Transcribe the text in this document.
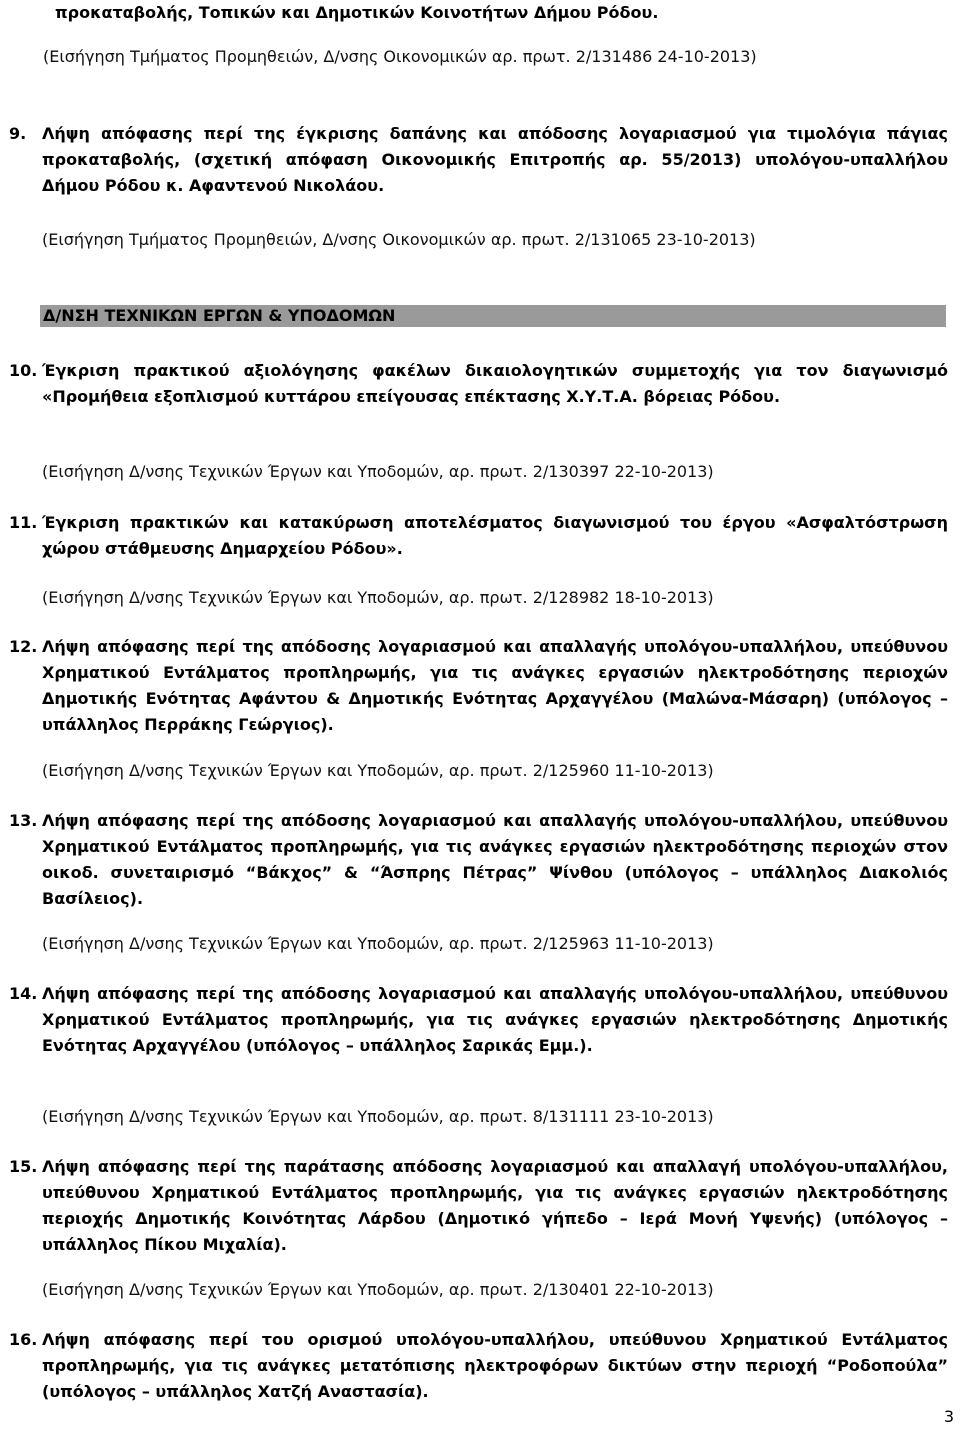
προκαταβολής, Τοπικών και Δημοτικών Κοινοτήτων Δήμου Ρόδου.
(Εισήγηση Τμήματος Προμηθειών, Δ/νσης Οικονομικών αρ. πρωτ. 2/131486 24-10-2013)
9. Λήψη απόφασης περί της έγκρισης δαπάνης και απόδοσης λογαριασμού για τιμολόγια πάγιας προκαταβολής, (σχετική απόφαση Οικονομικής Επιτροπής αρ. 55/2013) υπολόγου-υπαλλήλου Δήμου Ρόδου κ. Αφαντενού Νικολάου.
(Εισήγηση Τμήματος Προμηθειών, Δ/νσης Οικονομικών αρ. πρωτ. 2/131065 23-10-2013)
Δ/ΝΣΗ ΤΕΧΝΙΚΩΝ ΕΡΓΩΝ & ΥΠΟΔΟΜΩΝ
10. Έγκριση πρακτικού αξιολόγησης φακέλων δικαιολογητικών συμμετοχής για τον διαγωνισμό «Προμήθεια εξοπλισμού κυττάρου επείγουσας επέκτασης Χ.Υ.Τ.Α. βόρειας Ρόδου.
(Εισήγηση Δ/νσης Τεχνικών Έργων και Υποδομών, αρ. πρωτ. 2/130397 22-10-2013)
11. Έγκριση πρακτικών και κατακύρωση αποτελέσματος διαγωνισμού του έργου «Ασφαλτόστρωση χώρου στάθμευσης Δημαρχείου Ρόδου».
(Εισήγηση Δ/νσης Τεχνικών Έργων και Υποδομών, αρ. πρωτ. 2/128982 18-10-2013)
12. Λήψη απόφασης περί της απόδοσης λογαριασμού και απαλλαγής υπολόγου-υπαλλήλου, υπεύθυνου Χρηματικού Εντάλματος προπληρωμής, για τις ανάγκες εργασιών ηλεκτροδότησης περιοχών Δημοτικής Ενότητας Αφάντου & Δημοτικής Ενότητας Αρχαγγέλου (Μαλώνα-Μάσαρη) (υπόλογος – υπάλληλος Περράκης Γεώργιος).
(Εισήγηση Δ/νσης Τεχνικών Έργων και Υποδομών, αρ. πρωτ. 2/125960 11-10-2013)
13. Λήψη απόφασης περί της απόδοσης λογαριασμού και απαλλαγής υπολόγου-υπαλλήλου, υπεύθυνου Χρηματικού Εντάλματος προπληρωμής, για τις ανάγκες εργασιών ηλεκτροδότησης περιοχών στον οικοδ. συνεταιρισμό “Βάκχος” & “Άσπρης Πέτρας” Ψίνθου (υπόλογος – υπάλληλος Διακολιός Βασίλειος).
(Εισήγηση Δ/νσης Τεχνικών Έργων και Υποδομών, αρ. πρωτ. 2/125963 11-10-2013)
14. Λήψη απόφασης περί της απόδοσης λογαριασμού και απαλλαγής υπολόγου-υπαλλήλου, υπεύθυνου Χρηματικού Εντάλματος προπληρωμής, για τις ανάγκες εργασιών ηλεκτροδότησης Δημοτικής Ενότητας Αρχαγγέλου (υπόλογος – υπάλληλος Σαρικάς Εμμ.).
(Εισήγηση Δ/νσης Τεχνικών Έργων και Υποδομών, αρ. πρωτ. 8/131111 23-10-2013)
15. Λήψη απόφασης περί της παράτασης απόδοσης λογαριασμού και απαλλαγή υπολόγου-υπαλλήλου, υπεύθυνου Χρηματικού Εντάλματος προπληρωμής, για τις ανάγκες εργασιών ηλεκτροδότησης περιοχής Δημοτικής Κοινότητας Λάρδου (Δημοτικό γήπεδο – Ιερά Μονή Υψενής) (υπόλογος – υπάλληλος Πίκου Μιχαλία).
(Εισήγηση Δ/νσης Τεχνικών Έργων και Υποδομών, αρ. πρωτ. 2/130401 22-10-2013)
16. Λήψη απόφασης περί του ορισμού υπολόγου-υπαλλήλου, υπεύθυνου Χρηματικού Εντάλματος προπληρωμής, για τις ανάγκες μετατόπισης ηλεκτροφόρων δικτύων στην περιοχή “Ροδοπούλα” (υπόλογος – υπάλληλος Χατζή Αναστασία).
3
